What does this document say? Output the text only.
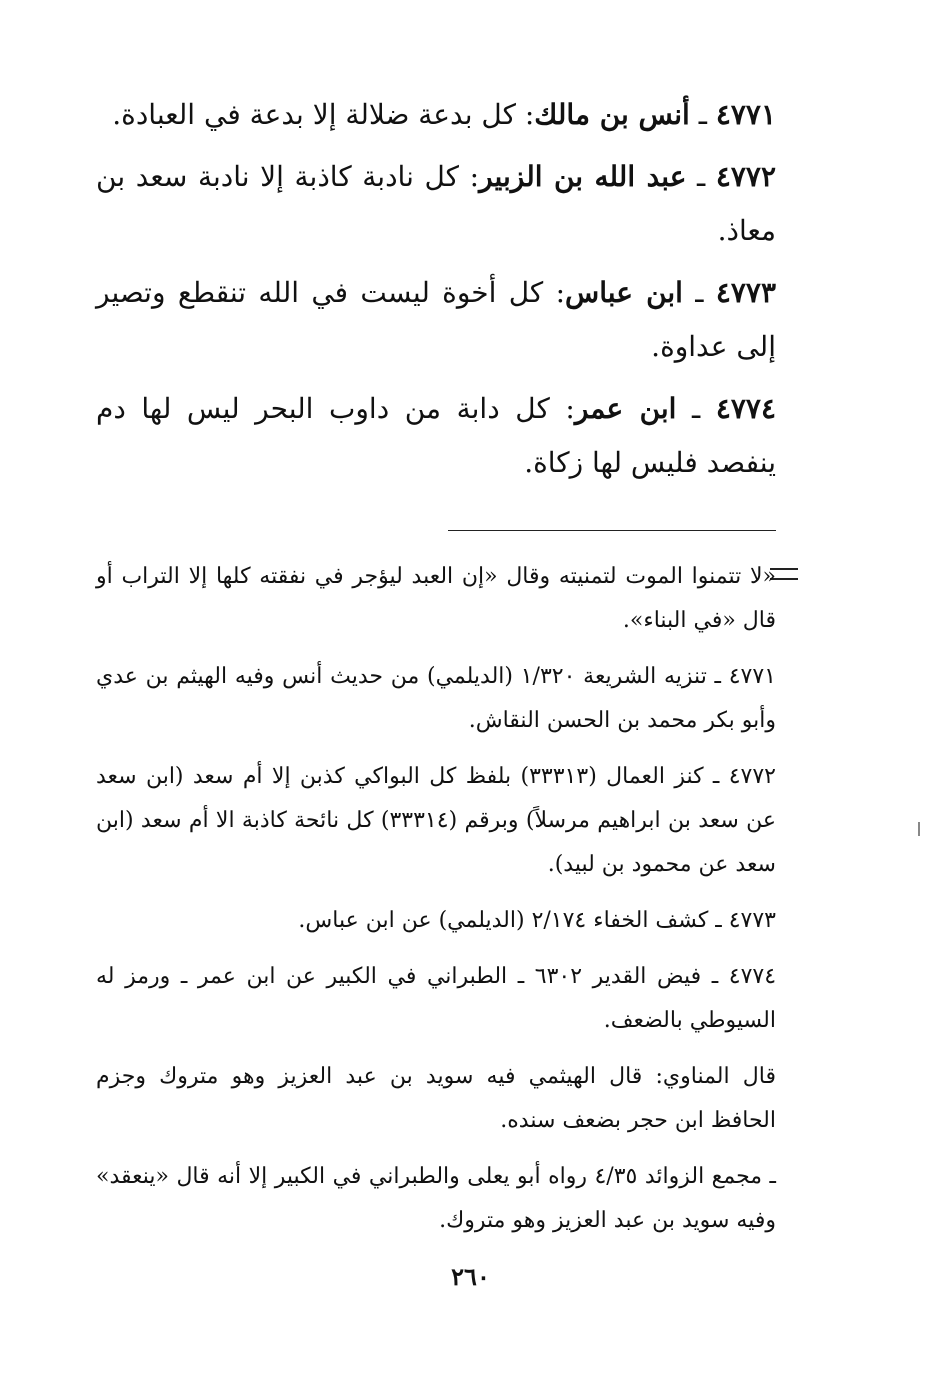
٤٧٧١ ـ أنس بن مالك: كل بدعة ضلالة إلا بدعة في العبادة.

٤٧٧٢ ـ عبد الله بن الزبير: كل نادبة كاذبة إلا نادبة سعد بن معاذ.

٤٧٧٣ ـ ابن عباس: كل أخوة ليست في الله تنقطع وتصير إلى عداوة.

٤٧٧٤ ـ ابن عمر: كل دابة من داوب البحر ليس لها دم ينفصد فليس لها زكاة.

«لا تتمنوا الموت لتمنيته وقال «إن العبد ليؤجر في نفقته كلها إلا التراب أو قال «في البناء».

٤٧٧١ ـ تنزيه الشريعة ١/٣٢٠ (الديلمي) من حديث أنس وفيه الهيثم بن عدي وأبو بكر محمد بن الحسن النقاش.

٤٧٧٢ ـ كنز العمال (٣٣٣١٣) بلفظ كل البواكي كذبن إلا أم سعد (ابن سعد عن سعد بن ابراهيم مرسلاً) وبرقم (٣٣٣١٤) كل نائحة كاذبة الا أم سعد (ابن سعد عن محمود بن لبيد).

٤٧٧٣ ـ كشف الخفاء ٢/١٧٤ (الديلمي) عن ابن عباس.

٤٧٧٤ ـ فيض القدير ٦٣٠٢ ـ الطبراني في الكبير عن ابن عمر ـ ورمز له السيوطي بالضعف.

قال المناوي: قال الهيثمي فيه سويد بن عبد العزيز وهو متروك وجزم الحافظ ابن حجر بضعف سنده.

ـ مجمع الزوائد ٤/٣٥ رواه أبو يعلى والطبراني في الكبير إلا أنه قال «ينعقد» وفيه سويد بن عبد العزيز وهو متروك.

٢٦٠
